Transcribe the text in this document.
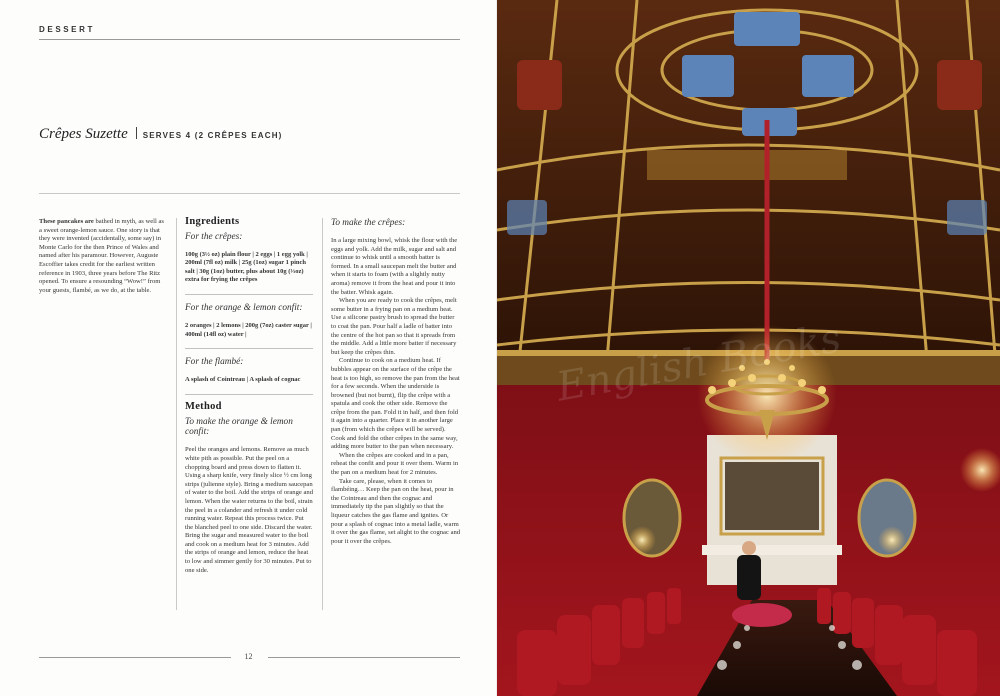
DESSERT
Crêpes Suzette SERVES 4 (2 CRÊPES EACH)

These pancakes are bathed in myth, as well as a sweet orange-lemon sauce. One story is that they were invented (accidentally, some say) in Monte Carlo for the then Prince of Wales and named after his paramour. However, Auguste Escoffier takes credit for the earliest written reference in 1903, three years before The Ritz opened. To ensure a resounding “Wow!” from your guests, flambé, as we do, at the table.

Ingredients
For the crêpes:

100g (3½ oz) plain flour | 2 eggs | 1 egg yolk | 200ml (7fl oz) milk | 25g (1oz) sugar 1 pinch salt | 30g (1oz) butter, plus about 10g (⅓oz) extra for frying the crêpes

For the orange & lemon confit:

2 oranges | 2 lemons | 200g (7oz) caster sugar | 400ml (14fl oz) water |

For the flambé:

A splash of Cointreau | A splash of cognac

Method
To make the orange & lemon confit:

Peel the oranges and lemons. Remove as much white pith as possible. Put the peel on a chopping board and press down to flatten it. Using a sharp knife, very finely slice ½ cm long strips (julienne style). Bring a medium saucepan of water to the boil. Add the strips of orange and lemon. When the water returns to the boil, strain the peel in a colander and refresh it under cold running water. Repeat this process twice. Put the blanched peel to one side. Discard the water. Bring the sugar and measured water to the boil and cook on a medium heat for 3 minutes. Add the strips of orange and lemon, reduce the heat to low and simmer gently for 30 minutes. Put to one side.

To make the crêpes:

In a large mixing bowl, whisk the flour with the eggs and yolk. Add the milk, sugar and salt and continue to whisk until a smooth batter is formed. In a small saucepan melt the butter and when it starts to foam (with a slightly nutty aroma) remove it from the heat and pour it into the batter. Whisk again.

When you are ready to cook the crêpes, melt some butter in a frying pan on a medium heat. Use a silicone pastry brush to spread the butter to coat the pan. Pour half a ladle of batter into the centre of the hot pan so that it spreads from the middle. Add a little more batter if necessary but keep the crêpes thin.

Continue to cook on a medium heat. If bubbles appear on the surface of the crêpe the heat is too high, so remove the pan from the heat for a few seconds. When the underside is browned (but not burnt), flip the crêpe with a spatula and cook the other side. Remove the crêpe from the pan. Fold it in half, and then fold it again into a quarter. Place it in another large pan (from which the crêpes will be served). Cook and fold the other crêpes in the same way, adding more butter to the pan when necessary.

When the crêpes are cooked and in a pan, reheat the confit and pour it over them. Warm in the pan on a medium heat for 2 minutes.

Take care, please, when it comes to flambéing… Keep the pan on the heat, pour in the Cointreau and then the cognac and immediately tip the pan slightly so that the liqueur catches the gas flame and ignites. Or pour a splash of cognac into a metal ladle, warm it over the gas flame, set alight to the cognac and pour it over the crêpes.

12
